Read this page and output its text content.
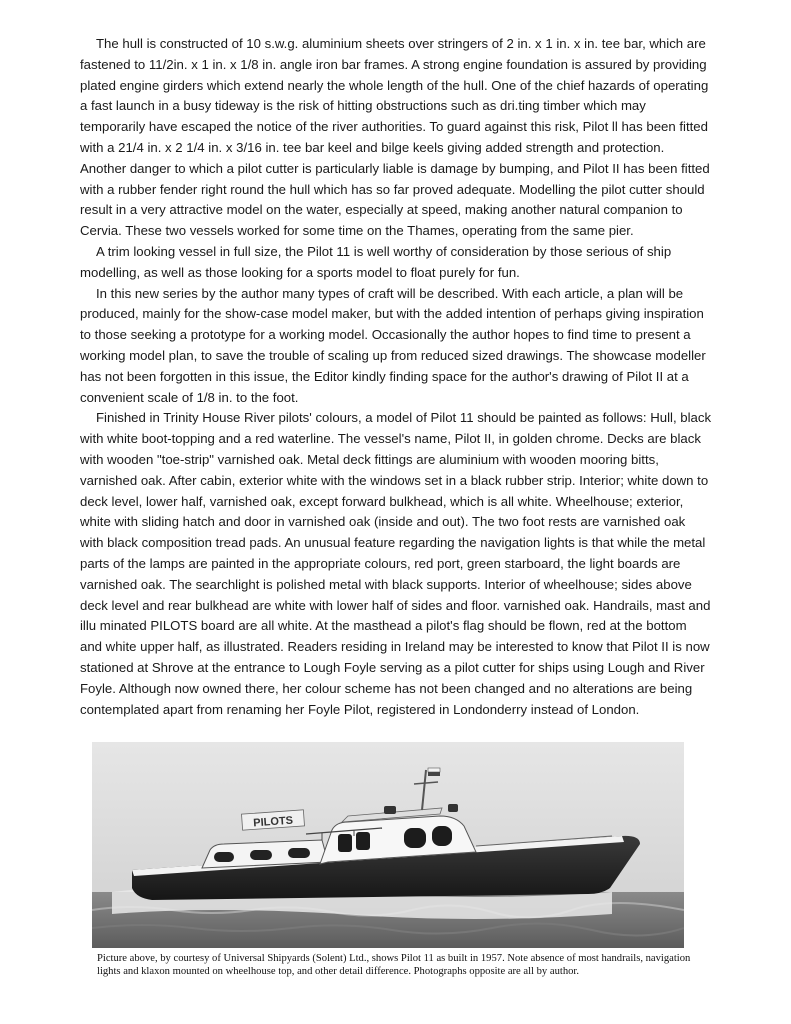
The hull is constructed of 10 s.w.g. aluminium sheets over stringers of 2 in. x 1 in. x in. tee bar, which are fastened to 11/2in. x 1 in. x 1/8 in. angle iron bar frames. A strong engine foundation is assured by providing plated engine girders which extend nearly the whole length of the hull. One of the chief hazards of operating a fast launch in a busy tideway is the risk of hitting obstructions such as dri.ting timber which may temporarily have escaped the notice of the river authorities. To guard against this risk, Pilot ll has been fitted with a 21/4 in. x 2 1/4 in. x 3/16 in. tee bar keel and bilge keels giving added strength and protection. Another danger to which a pilot cutter is particularly liable is damage by bumping, and Pilot II has been fitted with a rubber fender right round the hull which has so far proved adequate. Modelling the pilot cutter should result in a very attractive model on the water, especially at speed, making another natural companion to Cervia. These two vessels worked for some time on the Thames, operating from the same pier.

A trim looking vessel in full size, the Pilot 11 is well worthy of consideration by those serious of ship modelling, as well as those looking for a sports model to float purely for fun.

In this new series by the author many types of craft will be described. With each article, a plan will be produced, mainly for the show-case model maker, but with the added intention of perhaps giving inspiration to those seeking a prototype for a working model. Occasionally the author hopes to find time to present a working model plan, to save the trouble of scaling up from reduced sized drawings. The showcase modeller has not been forgotten in this issue, the Editor kindly finding space for the author's drawing of Pilot II at a convenient scale of 1/8 in. to the foot.

Finished in Trinity House River pilots' colours, a model of Pilot 11 should be painted as follows: Hull, black with white boot-topping and a red waterline. The vessel's name, Pilot II, in golden chrome. Decks are black with wooden "toe-strip" varnished oak. Metal deck fittings are aluminium with wooden mooring bitts, varnished oak. After cabin, exterior white with the windows set in a black rubber strip. Interior; white down to deck level, lower half, varnished oak, except forward bulkhead, which is all white. Wheelhouse; exterior, white with sliding hatch and door in varnished oak (inside and out). The two foot rests are varnished oak with black composition tread pads. An unusual feature regarding the navigation lights is that while the metal parts of the lamps are painted in the appropriate colours, red port, green starboard, the light boards are varnished oak. The searchlight is polished metal with black supports. Interior of wheelhouse; sides above deck level and rear bulkhead are white with lower half of sides and floor. varnished oak. Handrails, mast and illu minated PILOTS board are all white. At the masthead a pilot's flag should be flown, red at the bottom and white upper half, as illustrated. Readers residing in Ireland may be interested to know that Pilot II is now stationed at Shrove at the entrance to Lough Foyle serving as a pilot cutter for ships using Lough and River Foyle. Although now owned there, her colour scheme has not been changed and no alterations are being contemplated apart from renaming her Foyle Pilot, registered in Londonderry instead of London.

PILOTS
Picture above, by courtesy of Universal Shipyards (Solent) Ltd., shows Pilot 11 as built in 1957. Note absence of most handrails, navigation lights and klaxon mounted on wheelhouse top, and other detail difference. Photographs opposite are all by author.
